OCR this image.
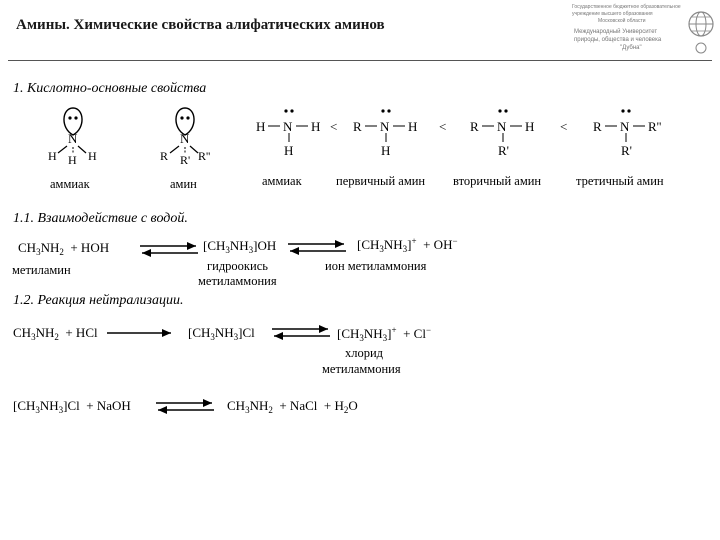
Амины. Химические свойства алифатических аминов
Государственное бюджетное образовательное
учреждение высшего образования
Московской области
Международный Университет
природы, общества и человека
"Дубна"
1. Кислотно-основные свойства
N
H H H
N
R R' R''
аммиак	амин
H N H
H
< R N H
H
< R N H
R'
< R N R''
R'
аммиак	первичный амин вторичный амин	третичный амин
1.1. Взаимодействие с водой.
$CH_3NH_2$ + HOH
метиламин
⇌ $[CH_3NH_3]OH$
гидроокись
метиламмония
⇌ $[CH_3NH_3]^+ + OH^-$
ион метиламмония
1.2. Реакция нейтрализации.
$CH_3NH_2$ + HCl	$[CH_3NH_3]Cl$ ⇌ $[CH_3NH_3]^+ + Cl^-$
хлорид
метиламмония
$[CH_3NH_3]Cl$  + NaOH ⇌ $CH_3NH_2$  + NaCl  + $H_2O$
